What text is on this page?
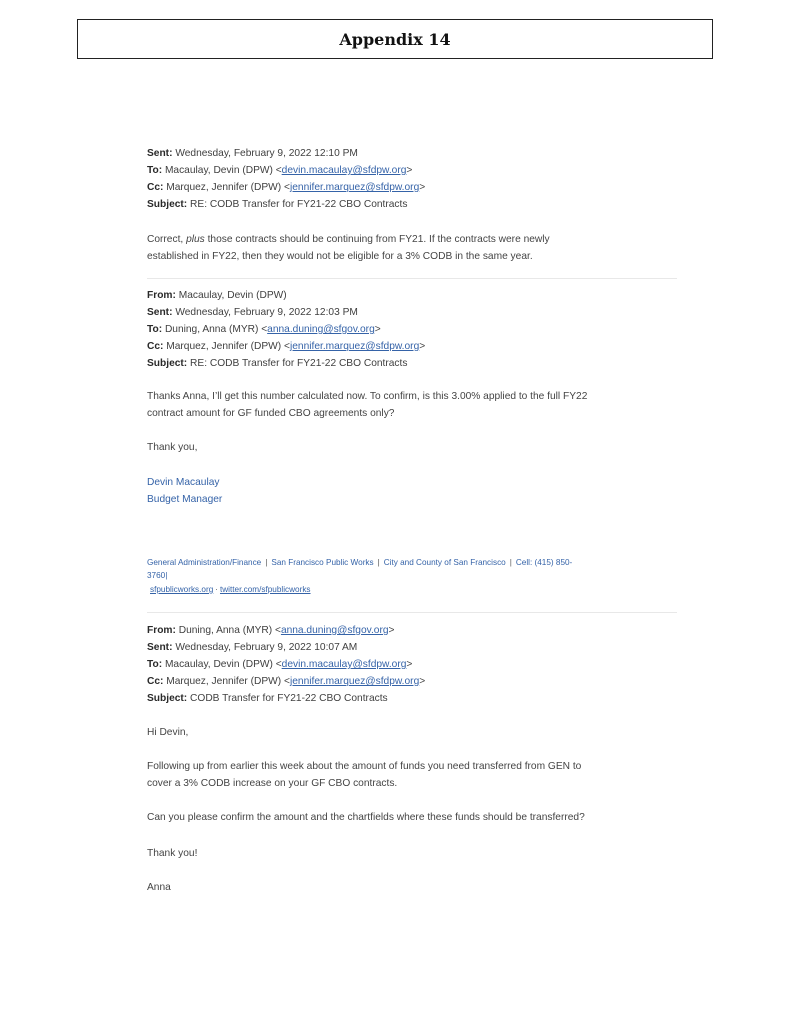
Appendix 14
Sent: Wednesday, February 9, 2022 12:10 PM
To: Macaulay, Devin (DPW) <devin.macaulay@sfdpw.org>
Cc: Marquez, Jennifer (DPW) <jennifer.marquez@sfdpw.org>
Subject: RE: CODB Transfer for FY21-22 CBO Contracts
Correct, plus those contracts should be continuing from FY21. If the contracts were newly
established in FY22, then they would not be eligible for a 3% CODB in the same year.
From: Macaulay, Devin (DPW)
Sent: Wednesday, February 9, 2022 12:03 PM
To: Duning, Anna (MYR) <anna.duning@sfgov.org>
Cc: Marquez, Jennifer (DPW) <jennifer.marquez@sfdpw.org>
Subject: RE: CODB Transfer for FY21-22 CBO Contracts
Thanks Anna, I’ll get this number calculated now. To confirm, is this 3.00% applied to the full FY22
contract amount for GF funded CBO agreements only?
Thank you,
Devin Macaulay
Budget Manager
General Administration/Finance | San Francisco Public Works | City and County of San Francisco | Cell: (415) 850-
3760|
sfpublicworks.org · twitter.com/sfpublicworks
From: Duning, Anna (MYR) <anna.duning@sfgov.org>
Sent: Wednesday, February 9, 2022 10:07 AM
To: Macaulay, Devin (DPW) <devin.macaulay@sfdpw.org>
Cc: Marquez, Jennifer (DPW) <jennifer.marquez@sfdpw.org>
Subject: CODB Transfer for FY21-22 CBO Contracts
Hi Devin,
Following up from earlier this week about the amount of funds you need transferred from GEN to
cover a 3% CODB increase on your GF CBO contracts.
Can you please confirm the amount and the chartfields where these funds should be transferred?
Thank you!
Anna
